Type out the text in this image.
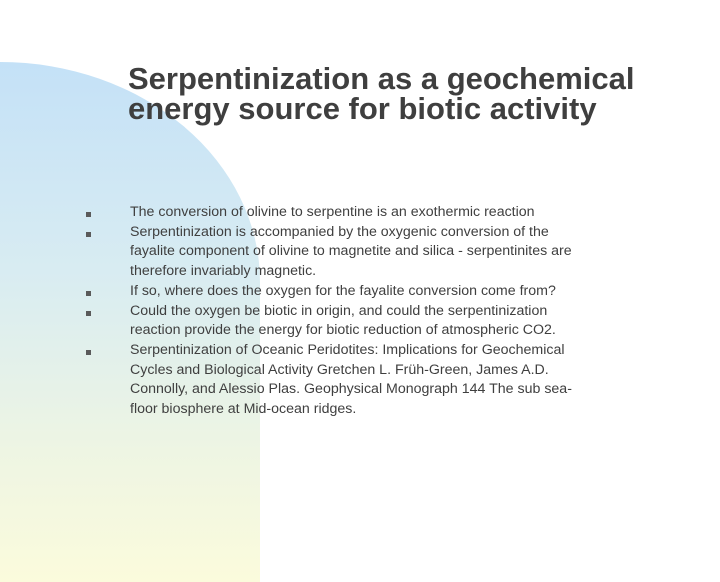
Serpentinization as a geochemical energy source for biotic activity
The conversion of olivine to serpentine is an exothermic reaction
Serpentinization is accompanied by the oxygenic conversion of the fayalite component of olivine to magnetite and silica - serpentinites are therefore invariably magnetic.
If so, where does the oxygen for the fayalite conversion come from?
Could the oxygen be biotic in origin, and could the serpentinization reaction provide the energy for biotic reduction of atmospheric CO2.
Serpentinization of Oceanic Peridotites: Implications for Geochemical Cycles and Biological Activity Gretchen L. Früh-Green, James A.D. Connolly, and Alessio Plas. Geophysical Monograph 144 The sub sea-floor biosphere at Mid-ocean ridges.
